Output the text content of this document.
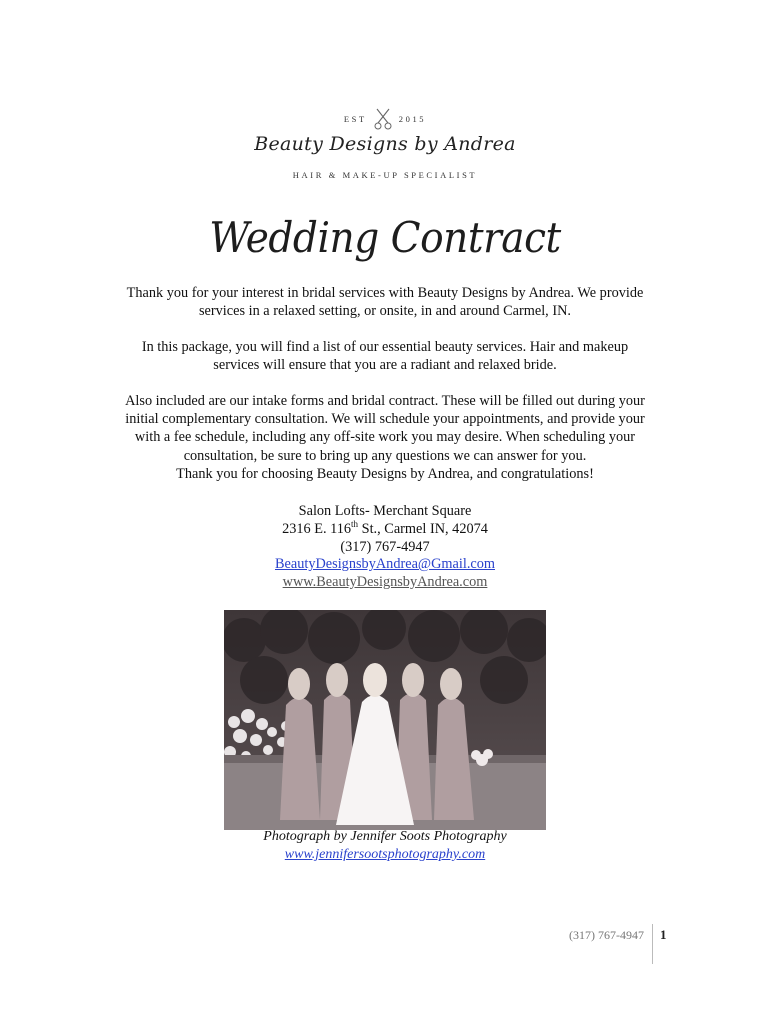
EST	2015
Beauty Designs by Andrea
HAIR & MAKE-UP SPECIALIST
Wedding Contract
Thank you for your interest in bridal services with Beauty Designs by Andrea. We provide
services in a relaxed setting, or onsite, in and around Carmel, IN.
In this package, you will find a list of our essential beauty services. Hair and makeup
services will ensure that you are a radiant and relaxed bride.
Also included are our intake forms and bridal contract. These will be filled out during your
initial complementary consultation. We will schedule your appointments, and provide your
with a fee schedule, including any off-site work you may desire. When scheduling your
consultation, be sure to bring up any questions we can answer for you.
Thank you for choosing Beauty Designs by Andrea, and congratulations!
Salon Lofts- Merchant Square
2316 E. 116th St., Carmel IN, 42074
(317) 767-4947
BeautyDesignsbyAndrea@Gmail.com
www.BeautyDesignsbyAndrea.com
Photograph by Jennifer Soots Photography
www.jennifersootsphotography.com
(317) 767-4947 1
